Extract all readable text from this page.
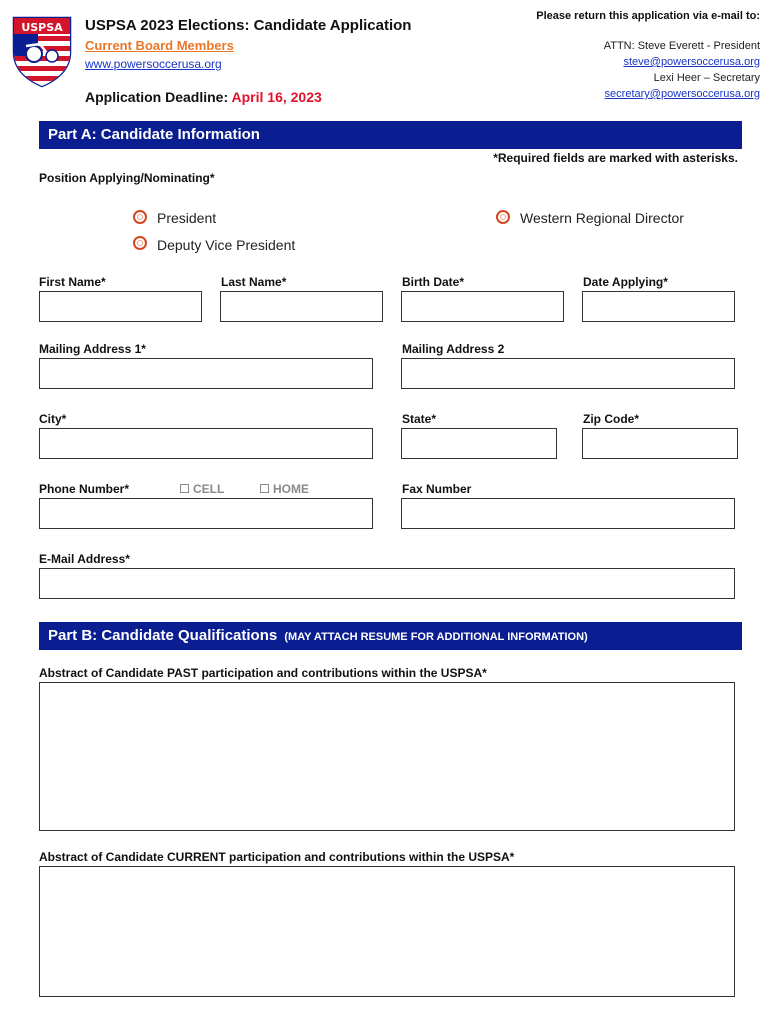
USPSA USPSA 2023 Elections: Candidate Application
Current Board Members
www.powersoccerusa.org
Application Deadline: April 16, 2023
Please return this application via e-mail to:
ATTN: Steve Everett - President
steve@powersoccerusa.org
Lexi Heer – Secretary
secretary@powersoccerusa.org
Part A: Candidate Information
*Required fields are marked with asterisks.
Position Applying/Nominating*
President
Deputy Vice President
Western Regional Director
First Name*	Last Name*	Birth Date*	Date Applying*
Mailing Address 1*	Mailing Address 2
City*	State*	Zip Code*
Phone Number*	CELL	HOME	Fax Number
E-Mail Address*
Part B: Candidate Qualifications (MAY ATTACH RESUME FOR ADDITIONAL INFORMATION)
Abstract of Candidate PAST participation and contributions within the USPSA*
Abstract of Candidate CURRENT participation and contributions within the USPSA*
